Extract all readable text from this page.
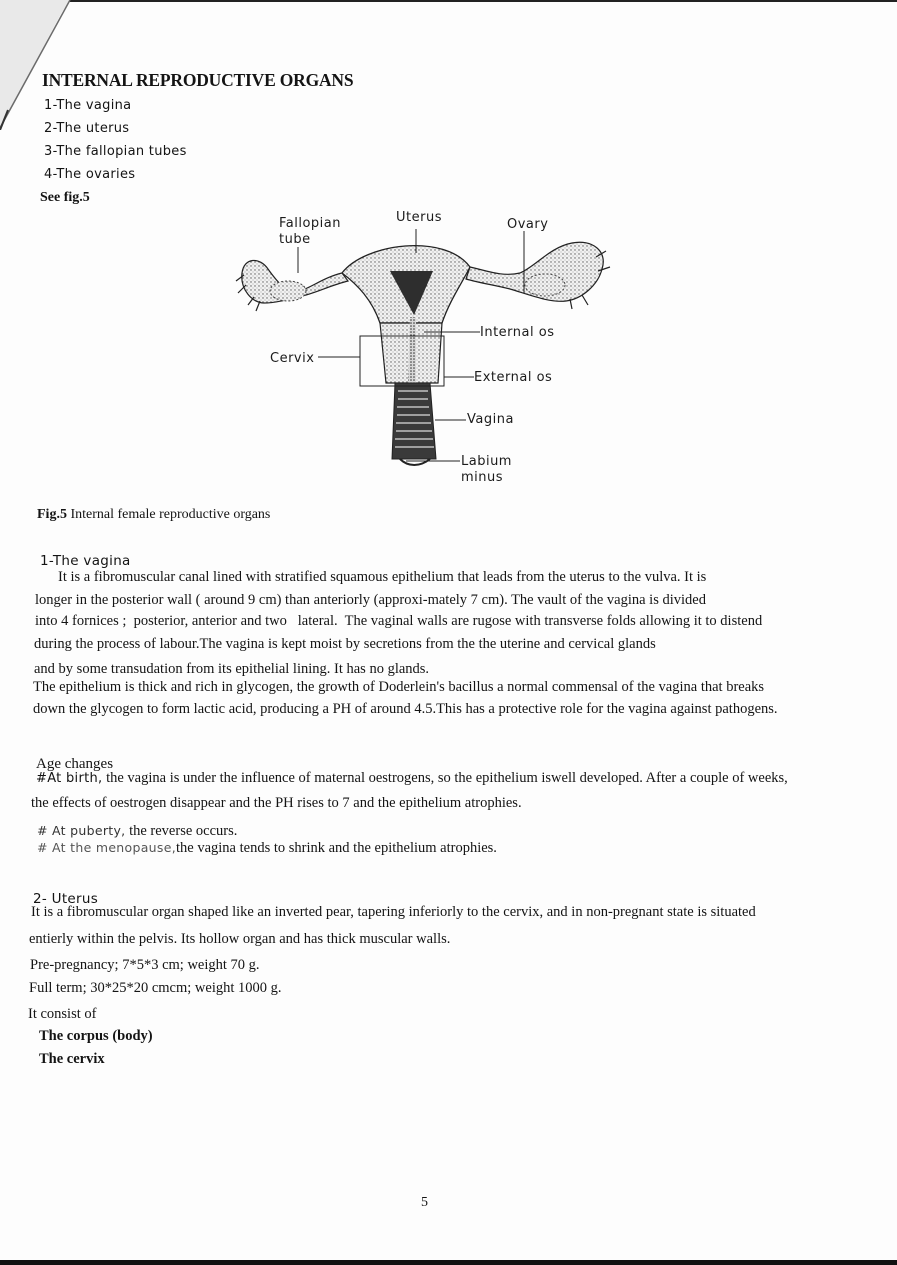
INTERNAL REPRODUCTIVE ORGANS
1-The vagina
2-The uterus
3-The fallopian tubes
4-The ovaries
See fig.5
Fallopian
tube
Uterus	Ovary
Internal os
Cervix
External os
Vagina
Labium
minus
Fig.5 Internal female reproductive organs
1-The vagina
It is a fibromuscular canal lined with stratified squamous epithelium that leads from the uterus to the vulva. It is
longer in the posterior wall ( around 9 cm) than anteriorly (approxi-mately 7 cm). The vault of the vagina is divided
into 4 fornices ;  posterior, anterior and two   lateral.  The vaginal walls are rugose with transverse folds allowing it to distend
during the process of labour.The vagina is kept moist by secretions from the the uterine and cervical glands
and by some transudation from its epithelial lining. It has no glands.
The epithelium is thick and rich in glycogen, the growth of Doderlein's bacillus a normal commensal of the vagina that breaks
down the glycogen to form lactic acid, producing a PH of around 4.5.This has a protective role for the vagina against pathogens.
Age changes
#At birth, the vagina is under the influence of maternal oestrogens, so the epithelium iswell developed. After a couple of weeks,
the effects of oestrogen disappear and the PH rises to 7 and the epithelium atrophies.
# At puberty, the reverse occurs.
# At the menopause,the vagina tends to shrink and the epithelium atrophies.
2- Uterus
It is a fibromuscular organ shaped like an inverted pear, tapering inferiorly to the cervix, and in non-pregnant state is situated
entierly within the pelvis. Its hollow organ and has thick muscular walls.
Pre-pregnancy; 7*5*3 cm; weight 70 g.
Full term; 30*25*20 cmcm; weight 1000 g.
It consist of
The corpus (body)
The cervix
5
